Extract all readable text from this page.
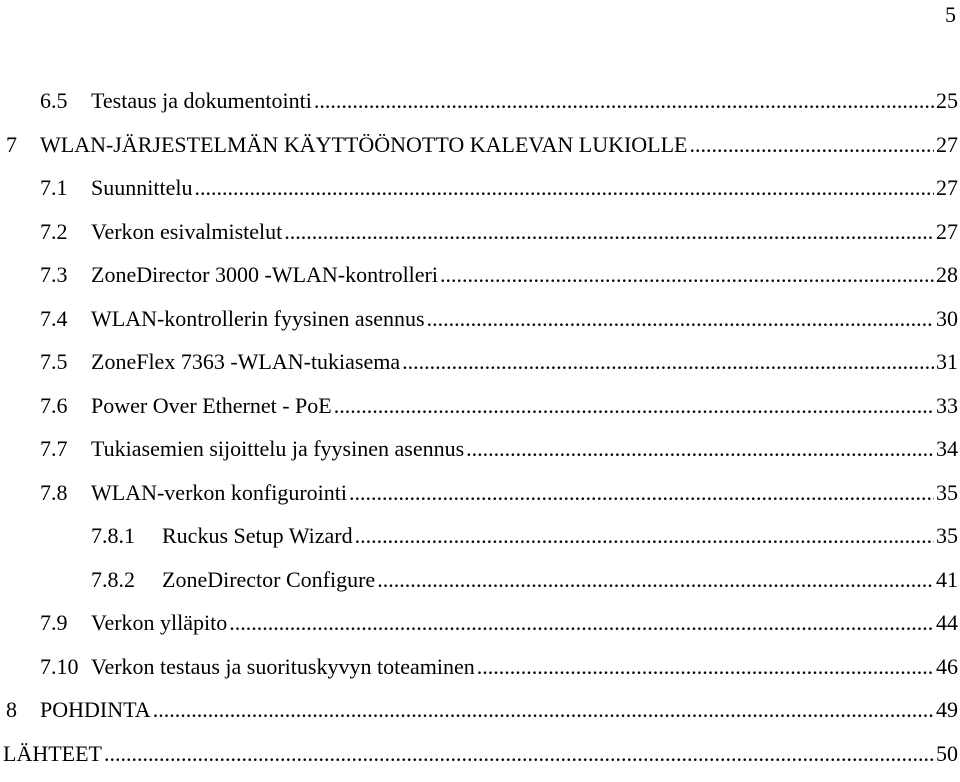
5
6.5	Testaus ja dokumentointi .....	25
7	WLAN-JÄRJESTELMÄN KÄYTTÖÖNOTTO KALEVAN LUKIOLLE .....	27
7.1	Suunnittelu .....	27
7.2	Verkon esivalmistelut .....	27
7.3	ZoneDirector 3000 -WLAN-kontrolleri .....	28
7.4	WLAN-kontrollerin fyysinen asennus .....	30
7.5	ZoneFlex 7363 -WLAN-tukiasema .....	31
7.6	Power Over Ethernet - PoE .....	33
7.7	Tukiasemien sijoittelu ja fyysinen asennus .....	34
7.8	WLAN-verkon konfigurointi .....	35
7.8.1	Ruckus Setup Wizard .....	35
7.8.2	ZoneDirector Configure .....	41
7.9	Verkon ylläpito .....	44
7.10 Verkon testaus ja suorituskyvyn toteaminen .....	46
8	POHDINTA .....	49
LÄHTEET .....	50
